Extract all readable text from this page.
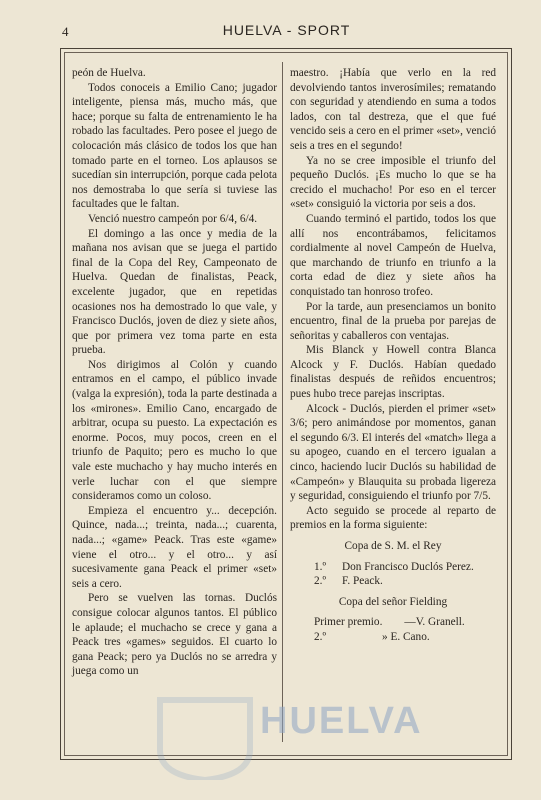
4	HUELVA - SPORT

peón de Huelva.

Todos conoceis a Emilio Cano; jugador inteligente, piensa más, mucho más, que hace; porque su falta de entrenamiento le ha robado las facultades. Pero posee el juego de colocación más clásico de todos los que han tomado parte en el torneo. Los aplausos se sucedían sin interrupción, porque cada pelota nos demostraba lo que sería si tuviese las facultades que le faltan.

Venció nuestro campeón por 6/4, 6/4.

El domingo a las once y media de la mañana nos avisan que se juega el partido final de la Copa del Rey, Campeonato de Huelva. Quedan de finalistas, Peack, excelente jugador, que en repetidas ocasiones nos ha demostrado lo que vale, y Francisco Duclós, joven de diez y siete años, que por primera vez toma parte en esta prueba.

Nos dirigimos al Colón y cuando entramos en el campo, el público invade (valga la expresión), toda la parte destinada a los «mirones». Emilio Cano, encargado de arbitrar, ocupa su puesto. La expectación es enorme. Pocos, muy pocos, creen en el triunfo de Paquito; pero es mucho lo que vale este muchacho y hay mucho interés en verle luchar con el que siempre consideramos como un coloso.

Empieza el encuentro y... decepción. Quince, nada...; treinta, nada...; cuarenta, nada...; «game» Peack. Tras este «game» viene el otro... y el otro... y así sucesivamente gana Peack el primer «set» seis a cero.

Pero se vuelven las tornas. Duclós consigue colocar algunos tantos. El público le aplaude; el muchacho se crece y gana a Peack tres «games» seguidos. El cuarto lo gana Peack; pero ya Duclós no se arredra y juega como un

maestro. ¡Había que verlo en la red devolviendo tantos inverosímiles; rematando con seguridad y atendiendo en suma a todos lados, con tal destreza, que el que fué vencido seis a cero en el primer «set», venció seis a tres en el segundo!

Ya no se cree imposible el triunfo del pequeño Duclós. ¡Es mucho lo que se ha crecido el muchacho! Por eso en el tercer «set» consiguió la victoria por seis a dos.

Cuando terminó el partido, todos los que allí nos encontrábamos, felicitamos cordialmente al novel Campeón de Huelva, que marchando de triunfo en triunfo a la corta edad de diez y siete años ha conquistado tan honroso trofeo.

Por la tarde, aun presenciamos un bonito encuentro, final de la prueba por parejas de señoritas y caballeros con ventajas.

Mis Blanck y Howell contra Blanca Alcock y F. Duclós. Habían quedado finalistas después de reñidos encuentros; pues hubo trece parejas inscriptas.

Alcock - Duclós, pierden el primer «set» 3/6; pero animándose por momentos, ganan el segundo 6/3. El interés del «match» llega a su apogeo, cuando en el tercero igualan a cinco, haciendo lucir Duclós su habilidad de «Campeón» y Blauquita su probada ligereza y seguridad, consiguiendo el triunfo por 7/5.

Acto seguido se procede al reparto de premios en la forma siguiente:

Copa de S. M. el Rey

1.º	Don Francisco Duclós Perez.

2.º	F. Peack.

Copa del señor Fielding

Primer premio.	—V. Granell.

2.º	» E. Cano.

HUELVA
